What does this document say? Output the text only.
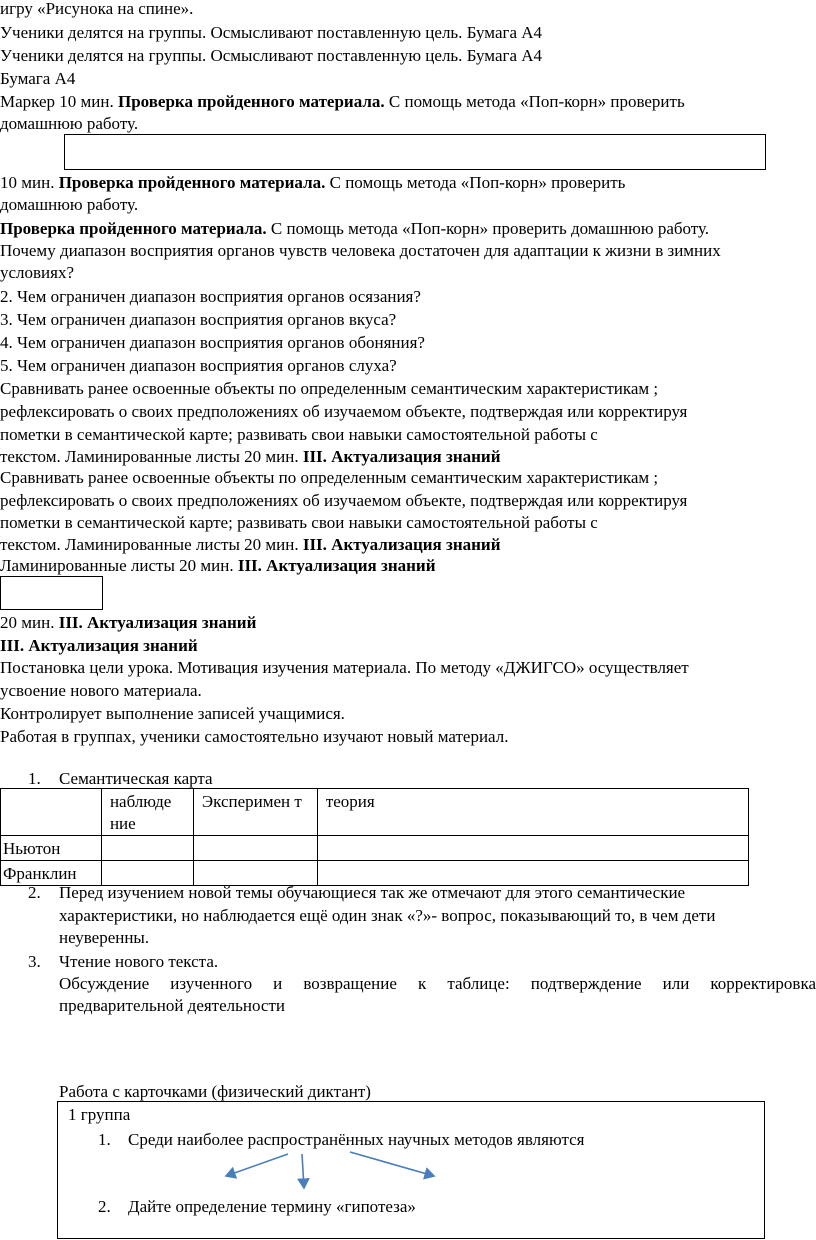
игру «Рисунока на спине».
Ученики делятся на группы. Осмысливают поставленную цель. Бумага А4
Ученики делятся на группы. Осмысливают поставленную цель. Бумага А4
Бумага А4
Маркер 10 мин. Проверка пройденного материала. С помощь метода «Поп-корн» проверить
домашнюю работу.
10 мин. Проверка пройденного материала. С помощь метода «Поп-корн» проверить
домашнюю работу.
Проверка пройденного материала. С помощь метода «Поп-корн» проверить домашнюю работу.
Почему диапазон восприятия органов чувств человека достаточен для адаптации к жизни в зимних
условиях?
2. Чем ограничен диапазон восприятия органов осязания?
3. Чем ограничен диапазон восприятия органов вкуса?
4. Чем ограничен диапазон восприятия органов обоняния?
5. Чем ограничен диапазон восприятия органов слуха?
Сравнивать ранее освоенные объекты по определенным семантическим характеристикам ;
рефлексировать о своих предположениях об изучаемом объекте, подтверждая или корректируя
пометки в семантической карте; развивать свои навыки самостоятельной работы с
текстом. Ламинированные листы 20 мин. III. Актуализация знаний
Сравнивать ранее освоенные объекты по определенным семантическим характеристикам ;
рефлексировать о своих предположениях об изучаемом объекте, подтверждая или корректируя
пометки в семантической карте; развивать свои навыки самостоятельной работы с
текстом. Ламинированные листы 20 мин. III. Актуализация знаний
Ламинированные листы 20 мин. III. Актуализация знаний
20 мин. III. Актуализация знаний
III. Актуализация знаний
Постановка цели урока. Мотивация изучения материала. По методу «ДЖИГСО» осуществляет
усвоение нового материала.
Контролирует выполнение записей учащимися.
Работая в группах, ученики самостоятельно изучают новый материал.
1. Семантическая карта
	наблюде ние	Эксперимен т	теория
Ньютон			
Франклин			
2. Перед изучением новой темы обучающиеся так же отмечают для этого семантические
характеристики, но наблюдается ещё один знак «?»- вопрос, показывающий то, в чем дети
неуверенны.
3. Чтение нового текста.
Обсуждение изученного и возвращение к таблице: подтверждение или корректировка
предварительной деятельности
Работа с карточками (физический диктант)
1 группа
1. Среди наиболее распространённых научных методов являются
2. Дайте определение термину «гипотеза»
